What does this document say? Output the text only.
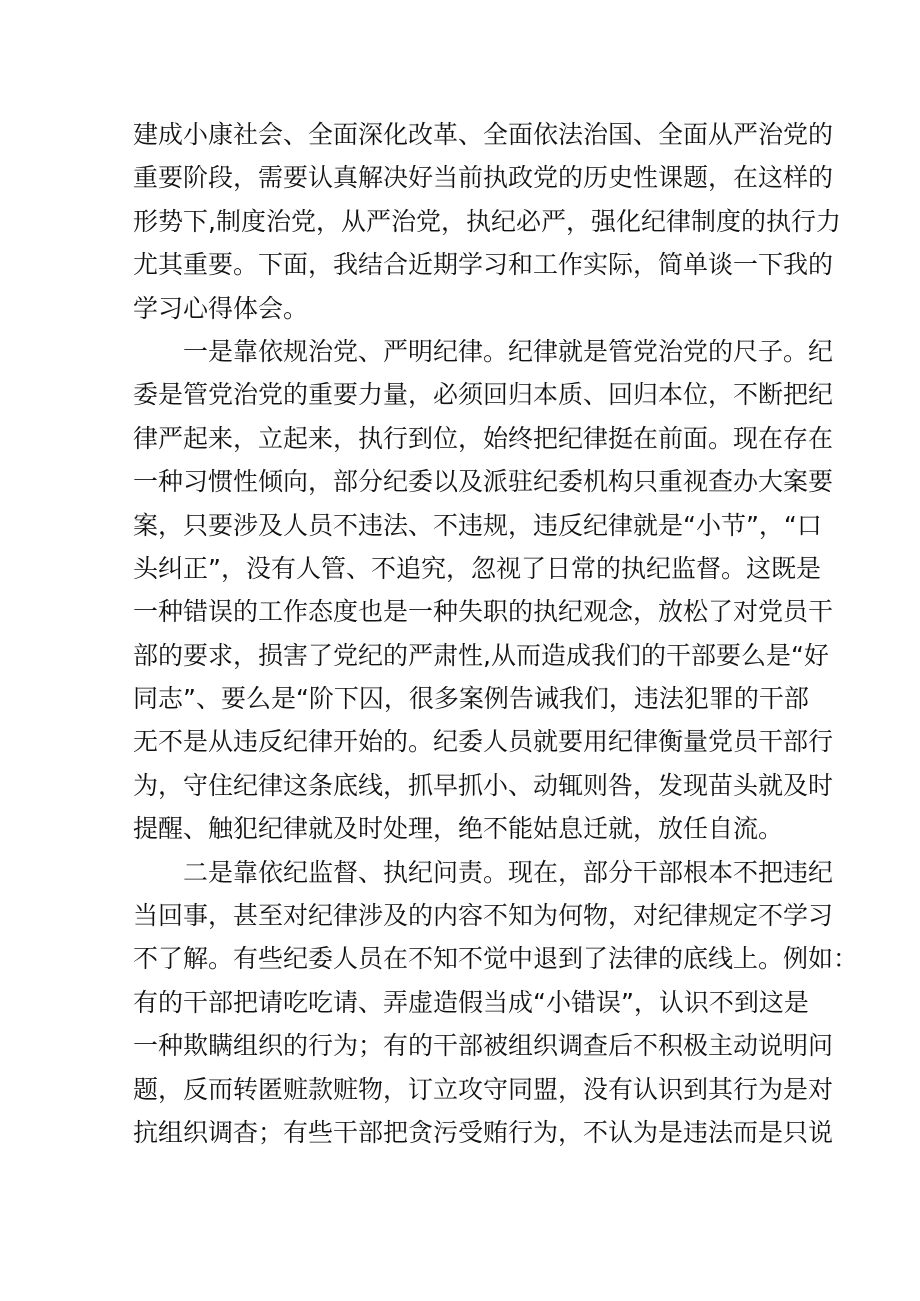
建成小康社会、全面深化改革、全面依法治国、全面从严治党的
重要阶段，需要认真解决好当前执政党的历史性课题，在这样的
形势下,制度治党，从严治党，执纪必严，强化纪律制度的执行力
尤其重要。下面，我结合近期学习和工作实际，简单谈一下我的
学习心得体会。
一是靠依规治党、严明纪律。纪律就是管党治党的尺子。纪
委是管党治党的重要力量，必须回归本质、回归本位，不断把纪
律严起来，立起来，执行到位，始终把纪律挺在前面。现在存在
一种习惯性倾向，部分纪委以及派驻纪委机构只重视查办大案要
案，只要涉及人员不违法、不违规，违反纪律就是“小节”，“口
头纠正”，没有人管、不追究，忽视了日常的执纪监督。这既是
一种错误的工作态度也是一种失职的执纪观念，放松了对党员干
部的要求，损害了党纪的严肃性,从而造成我们的干部要么是“好
同志”、要么是“阶下囚，很多案例告诫我们，违法犯罪的干部
无不是从违反纪律开始的。纪委人员就要用纪律衡量党员干部行
为，守住纪律这条底线，抓早抓小、动辄则咎，发现苗头就及时
提醒、触犯纪律就及时处理，绝不能姑息迁就，放任自流。
二是靠依纪监督、执纪问责。现在，部分干部根本不把违纪
当回事，甚至对纪律涉及的内容不知为何物，对纪律规定不学习
不了解。有些纪委人员在不知不觉中退到了法律的底线上。例如：
有的干部把请吃吃请、弄虚造假当成“小错误”，认识不到这是
一种欺瞒组织的行为；有的干部被组织调查后不积极主动说明问
题，反而转匿赃款赃物，订立攻守同盟，没有认识到其行为是对
抗组织调杳；有些干部把贪污受贿行为，不认为是违法而是只说
